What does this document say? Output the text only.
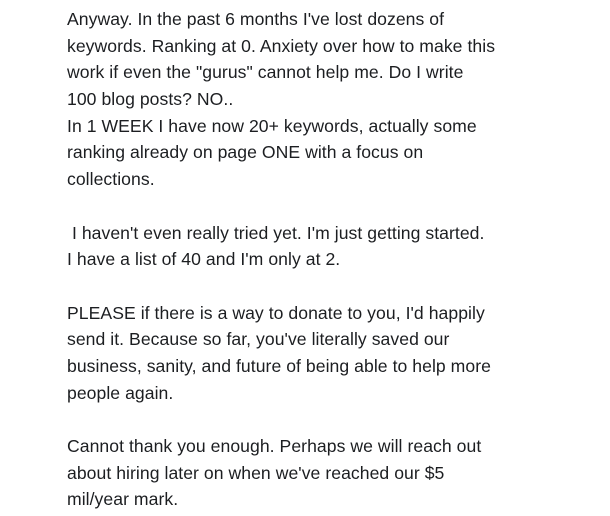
Anyway. In the past 6 months I've lost dozens of
keywords. Ranking at 0. Anxiety over how to make this
work if even the "gurus" cannot help me. Do I write
100 blog posts? NO..
In 1 WEEK I have now 20+ keywords, actually some
ranking already on page ONE with a focus on
collections.
I haven't even really tried yet. I'm just getting started.
I have a list of 40 and I'm only at 2.
PLEASE if there is a way to donate to you, I'd happily
send it. Because so far, you've literally saved our
business, sanity, and future of being able to help more
people again.
Cannot thank you enough. Perhaps we will reach out
about hiring later on when we've reached our $5
mil/year mark.
